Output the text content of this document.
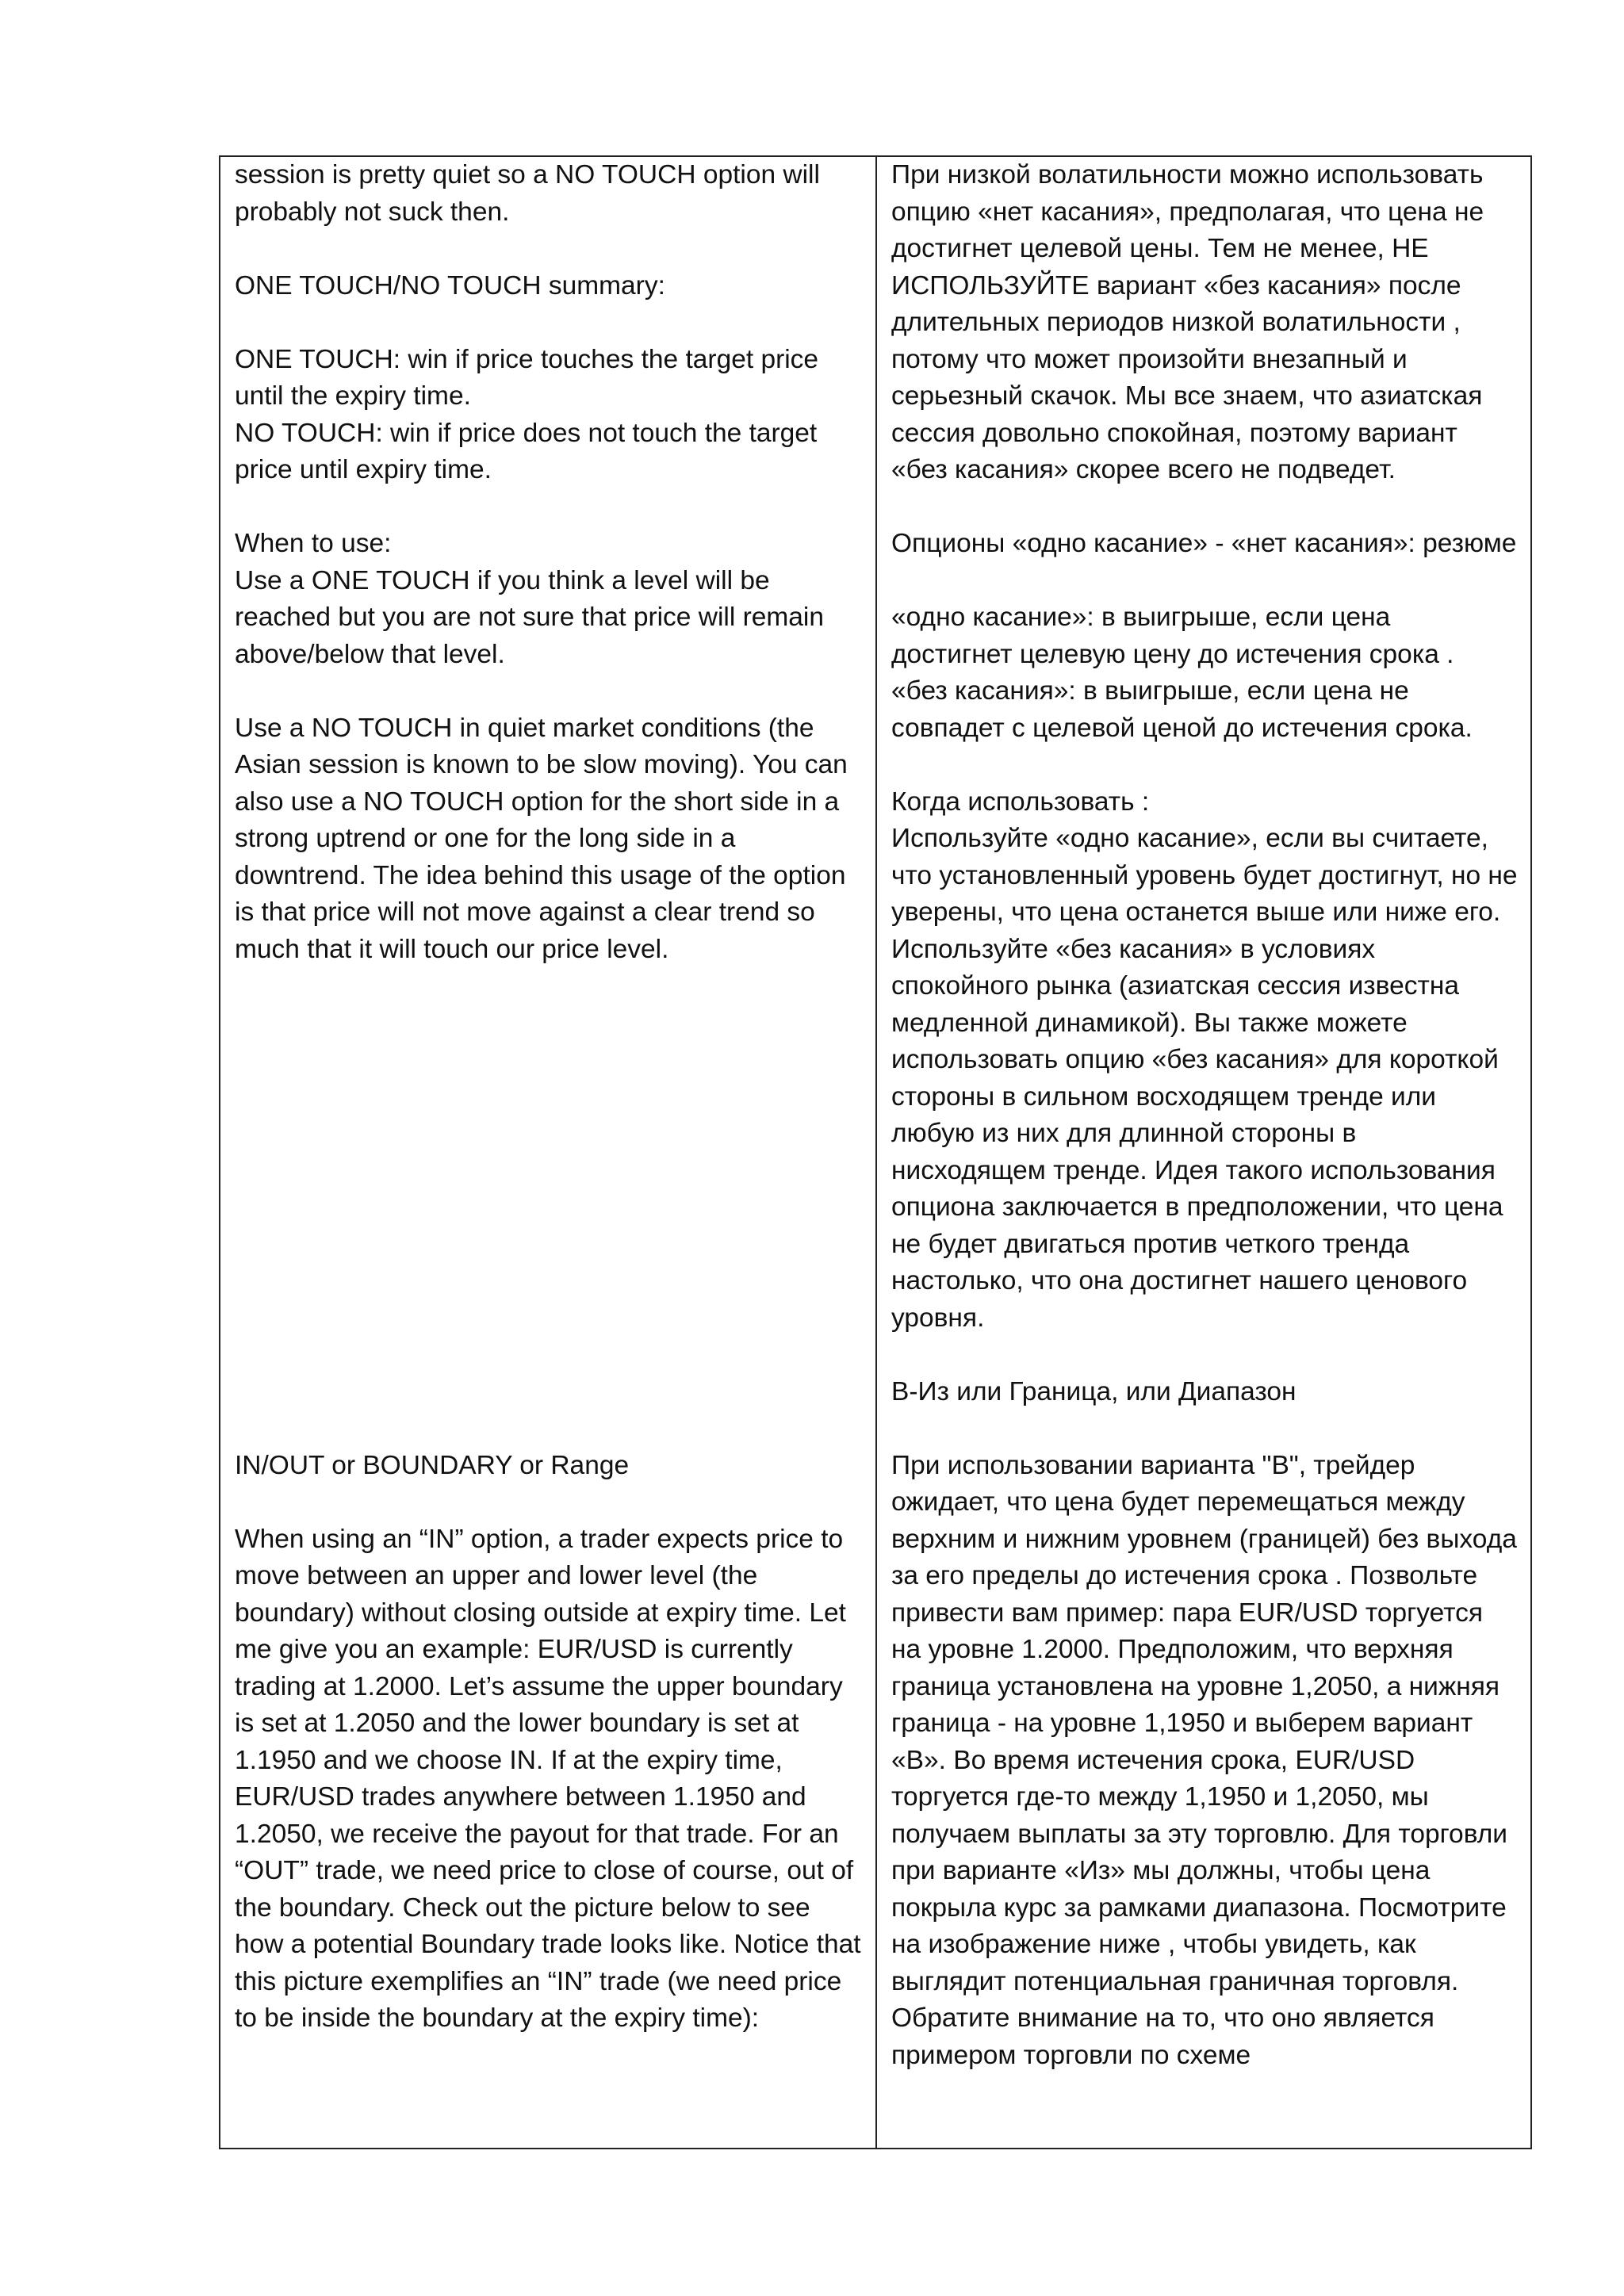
session is pretty quiet so a NO TOUCH option will probably not suck then.

ONE TOUCH/NO TOUCH summary:

ONE TOUCH: win if price touches the target price until the expiry time.

NO TOUCH: win if price does not touch the target price until expiry time.

When to use:

Use a ONE TOUCH if you think a level will be reached but you are not sure that price will remain above/below that level.

Use a NO TOUCH in quiet market conditions (the Asian session is known to be slow moving). You can also use a NO TOUCH option for the short side in a strong uptrend or one for the long side in a downtrend. The idea behind this usage of the option is that price will not move against a clear trend so much that it will touch our price level.

IN/OUT or BOUNDARY or Range

When using an “IN” option, a trader expects price to move between an upper and lower level (the boundary) without closing outside at expiry time. Let me give you an example: EUR/USD is currently trading at 1.2000. Let’s assume the upper boundary is set at 1.2050 and the lower boundary is set at 1.1950 and we choose IN. If at the expiry time, EUR/USD trades anywhere between 1.1950 and 1.2050, we receive the payout for that trade. For an “OUT” trade, we need price to close of course, out of the boundary. Check out the picture below to see how a potential Boundary trade looks like. Notice that this picture exemplifies an “IN” trade (we need price to be inside the boundary at the expiry time):

При низкой волатильности можно использовать опцию «нет касания», предполагая, что цена не достигнет целевой цены. Тем не менее, НЕ ИСПОЛЬЗУЙТЕ вариант «без касания» после длительных периодов низкой волатильности , потому что может произойти внезапный и серьезный скачок. Мы все знаем, что азиатская сессия довольно спокойная, поэтому вариант «без касания» скорее всего не подведет.

Опционы «одно касание» - «нет касания»: резюме

«одно касание»: в выигрыше, если цена достигнет целевую цену до истечения срока .

«без касания»: в выигрыше, если цена не совпадет с целевой ценой до истечения срока.

Когда использовать :

Используйте «одно касание», если вы считаете, что установленный уровень будет достигнут, но не уверены, что цена останется выше или ниже его.

Используйте «без касания» в условиях спокойного рынка (азиатская сессия известна медленной динамикой). Вы также можете использовать опцию «без касания» для короткой стороны в сильном восходящем тренде или любую из них для длинной стороны в нисходящем тренде. Идея такого использования опциона заключается в предположении, что цена не будет двигаться против четкого тренда настолько, что она достигнет нашего ценового уровня.

В-Из или Граница, или Диапазон

При использовании варианта "В", трейдер ожидает, что цена будет перемещаться между верхним и нижним уровнем (границей) без выхода за его пределы до истечения срока . Позвольте привести вам пример: пара EUR/USD торгуется на уровне 1.2000. Предположим, что верхняя граница установлена на уровне 1,2050, а нижняя граница - на уровне 1,1950 и выберем вариант «В». Во время истечения срока, EUR/USD торгуется где-то между 1,1950 и 1,2050, мы получаем выплаты за эту торговлю. Для торговли при варианте «Из» мы должны, чтобы цена покрыла курс за рамками диапазона. Посмотрите на изображение ниже , чтобы увидеть, как выглядит потенциальная граничная торговля. Обратите внимание на то, что оно является примером торговли по схеме
